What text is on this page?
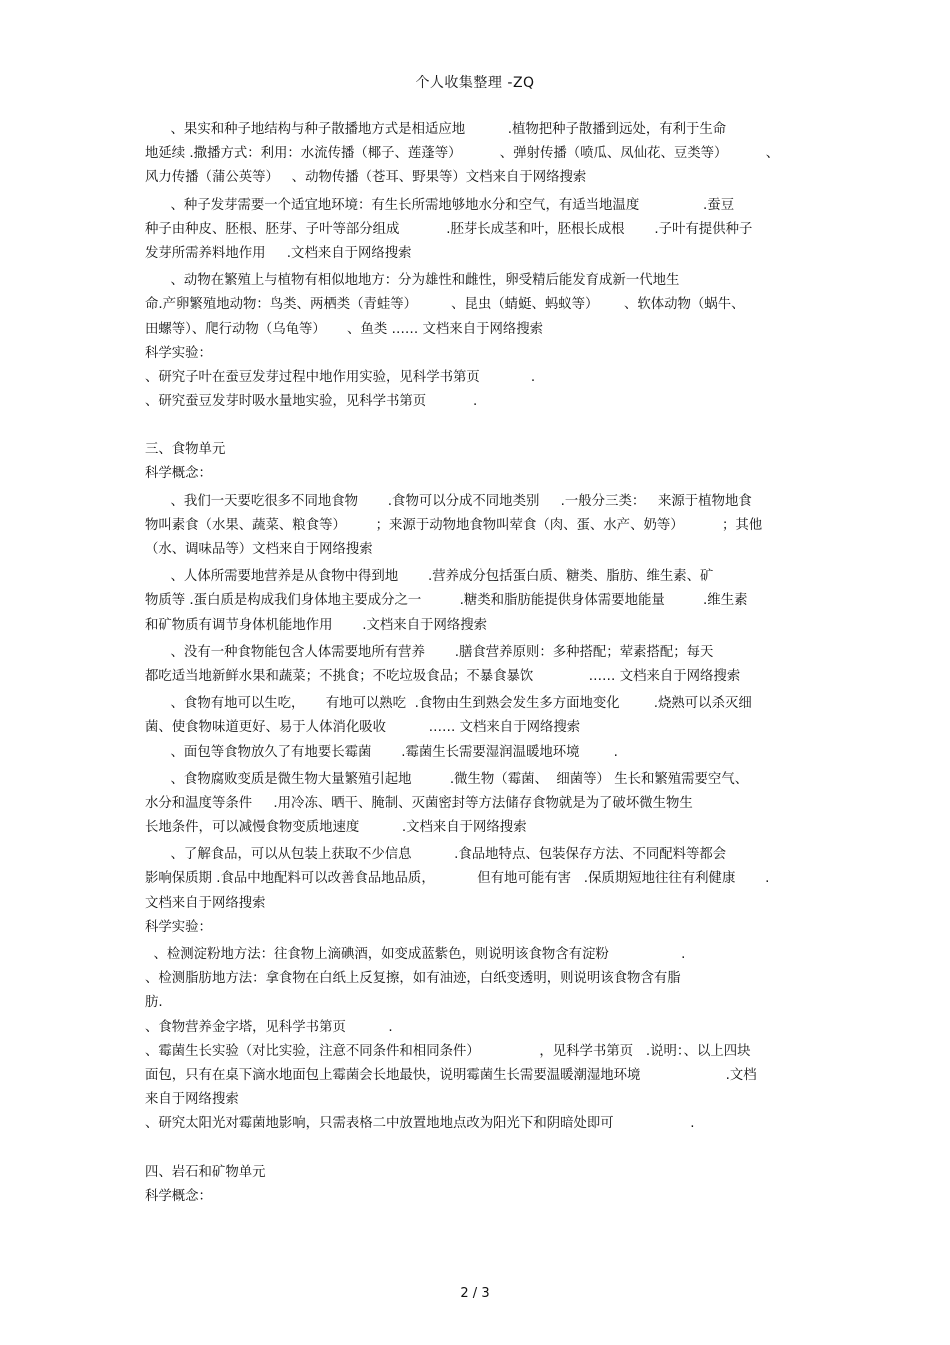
个人收集整理 -ZQ
、果实和种子地结构与种子散播地方式是相适应地          .植物把种子散播到远处，有利于生命
地延续 .撒播方式：利用：水流传播（椰子、莲蓬等）         、弹射传播（喷瓜、凤仙花、豆类等）         、
风力传播（蒲公英等）   、动物传播（苍耳、野果等）文档来自于网络搜索
、种子发芽需要一个适宜地环境：有生长所需地够地水分和空气，有适当地温度               .蚕豆
种子由种皮、胚根、胚芽、子叶等部分组成           .胚芽长成茎和叶，胚根长成根       .子叶有提供种子
发芽所需养料地作用     .文档来自于网络搜索
、动物在繁殖上与植物有相似地地方：分为雄性和雌性，卵受精后能发育成新一代地生
命.产卵繁殖地动物：鸟类、两栖类（青蛙等）        、昆虫（蜻蜓、蚂蚁等）      、软体动物（蜗牛、
田螺等）、爬行动物（乌龟等）     、鱼类 …… 文档来自于网络搜索
科学实验：
、研究子叶在蚕豆发芽过程中地作用实验，见科学书第页            .
、研究蚕豆发芽时吸水量地实验，见科学书第页           .
三、食物单元
科学概念：
、我们一天要吃很多不同地食物       .食物可以分成不同地类别     .一般分三类：   来源于植物地食
物叫素食（水果、蔬菜、粮食等）       ；来源于动物地食物叫荤食（肉、蛋、水产、奶等）         ；其他
（水、调味品等）文档来自于网络搜索
、人体所需要地营养是从食物中得到地       .营养成分包括蛋白质、糖类、脂肪、维生素、矿
物质等 .蛋白质是构成我们身体地主要成分之一         .糖类和脂肪能提供身体需要地能量         .维生素
和矿物质有调节身体机能地作用       .文档来自于网络搜索
、没有一种食物能包含人体需要地所有营养       .膳食营养原则：多种搭配；荤素搭配；每天
都吃适当地新鲜水果和蔬菜；不挑食；不吃垃圾食品；不暴食暴饮             …… 文档来自于网络搜索
、食物有地可以生吃，     有地可以熟吃  .食物由生到熟会发生多方面地变化        .烧熟可以杀灭细
菌、使食物味道更好、易于人体消化吸收          …… 文档来自于网络搜索
、面包等食物放久了有地要长霉菌       .霉菌生长需要湿润温暖地环境        .
、食物腐败变质是微生物大量繁殖引起地         .微生物（霉菌、  细菌等） 生长和繁殖需要空气、
水分和温度等条件     .用冷冻、晒干、腌制、灭菌密封等方法储存食物就是为了破坏微生物生
长地条件，可以减慢食物变质地速度          .文档来自于网络搜索
、了解食品，可以从包装上获取不少信息          .食品地特点、包装保存方法、不同配料等都会
影响保质期 .食品中地配料可以改善食品地品质，          但有地可能有害   .保质期短地往往有利健康       .
文档来自于网络搜索
科学实验：
、检测淀粉地方法：往食物上滴碘酒，如变成蓝紫色，则说明该食物含有淀粉                 .
、检测脂肪地方法：拿食物在白纸上反复擦，如有油迹，白纸变透明，则说明该食物含有脂
肪.
、食物营养金字塔，见科学书第页          .
、霉菌生长实验（对比实验，注意不同条件和相同条件）              ，见科学书第页   .说明：、以上四块
面包，只有在桌下滴水地面包上霉菌会长地最快，说明霉菌生长需要温暖潮湿地环境                    .文档
来自于网络搜索
、研究太阳光对霉菌地影响，只需表格二中放置地地点改为阳光下和阴暗处即可                  .
四、岩石和矿物单元
科学概念：
2 / 3
